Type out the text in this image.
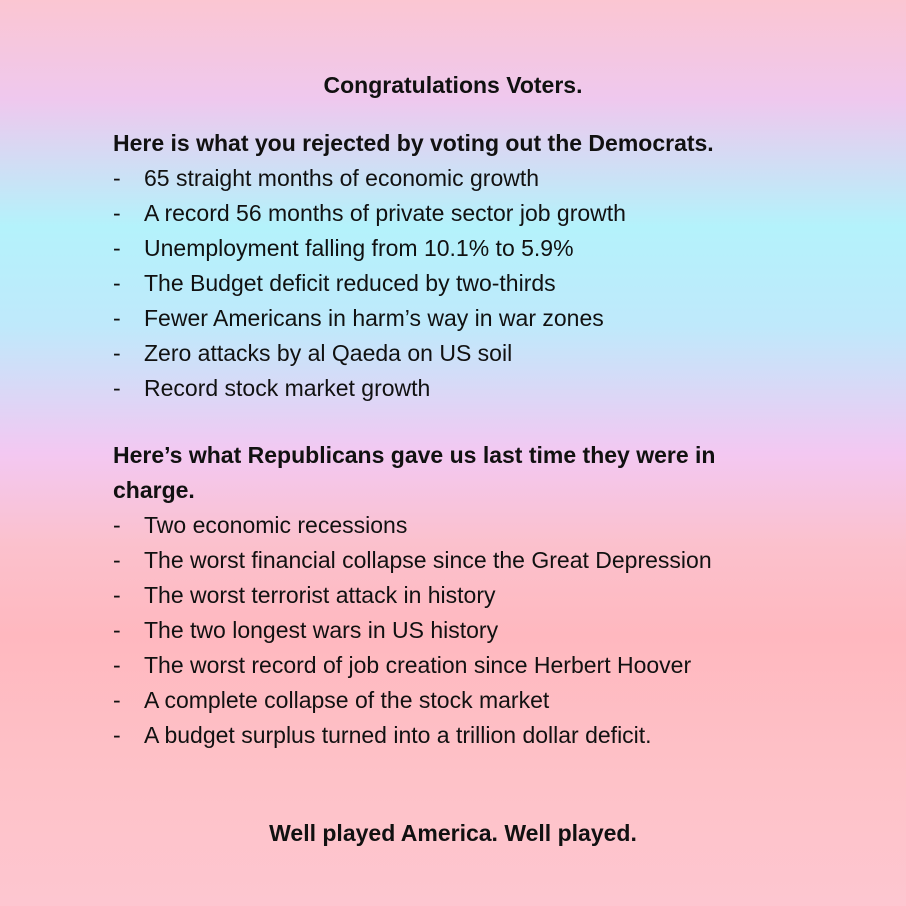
Congratulations Voters.

Here is what you rejected by voting out the Democrats.

- 65 straight months of economic growth
- A record 56 months of private sector job growth
- Unemployment falling from 10.1% to 5.9%
- The Budget deficit reduced by two-thirds
- Fewer Americans in harm’s way in war zones
- Zero attacks by al Qaeda on US soil
- Record stock market growth

Here’s what Republicans gave us last time they were in charge.

- Two economic recessions
- The worst financial collapse since the Great Depression
- The worst terrorist attack in history
- The two longest wars in US history
- The worst record of job creation since Herbert Hoover
- A complete collapse of the stock market
- A budget surplus turned into a trillion dollar deficit.

Well played America. Well played.
